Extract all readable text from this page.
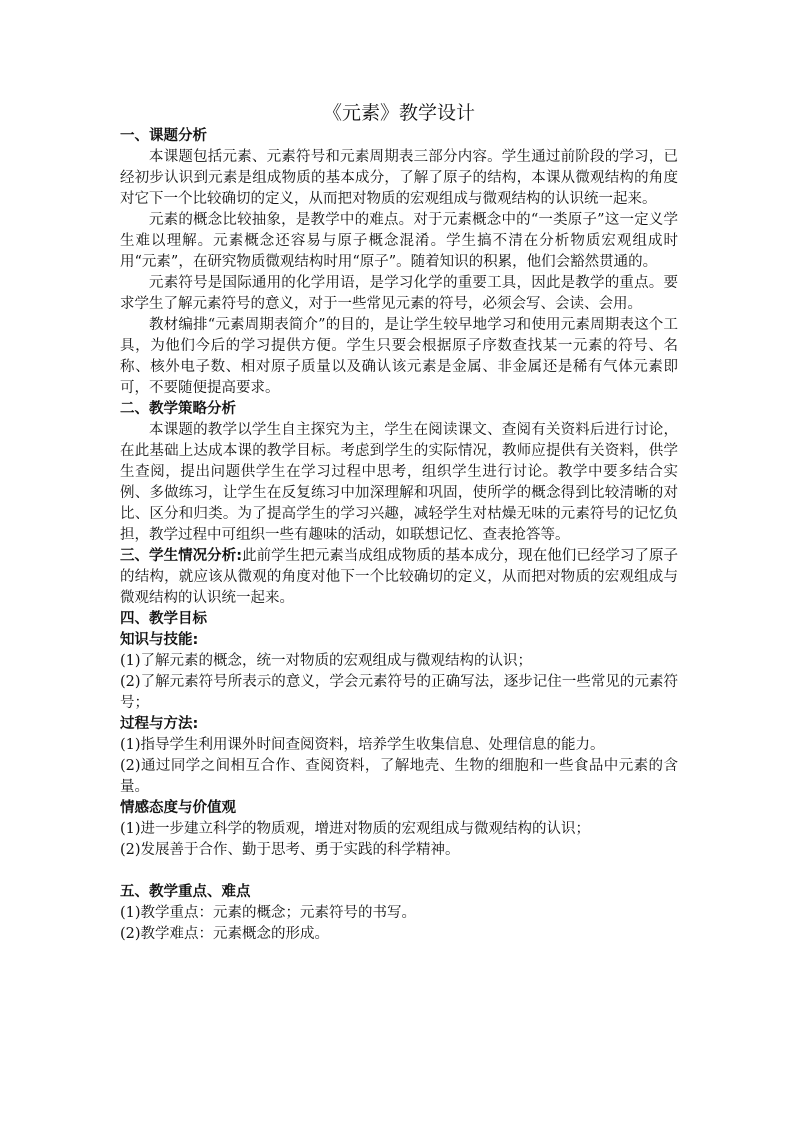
《元素》教学设计

一、课题分析

本课题包括元素、元素符号和元素周期表三部分内容。学生通过前阶段的学习，已经初步认识到元素是组成物质的基本成分，了解了原子的结构，本课从微观结构的角度对它下一个比较确切的定义，从而把对物质的宏观组成与微观结构的认识统一起来。

元素的概念比较抽象，是教学中的难点。对于元素概念中的“一类原子”这一定义学生难以理解。元素概念还容易与原子概念混淆。学生搞不清在分析物质宏观组成时用“元素”，在研究物质微观结构时用“原子”。随着知识的积累，他们会豁然贯通的。

元素符号是国际通用的化学用语，是学习化学的重要工具，因此是教学的重点。要求学生了解元素符号的意义，对于一些常见元素的符号，必须会写、会读、会用。

教材编排“元素周期表简介”的目的，是让学生较早地学习和使用元素周期表这个工具，为他们今后的学习提供方便。学生只要会根据原子序数查找某一元素的符号、名称、核外电子数、相对原子质量以及确认该元素是金属、非金属还是稀有气体元素即可，不要随便提高要求。

二、教学策略分析

本课题的教学以学生自主探究为主，学生在阅读课文、查阅有关资料后进行讨论，在此基础上达成本课的教学目标。考虑到学生的实际情况，教师应提供有关资料，供学生查阅，提出问题供学生在学习过程中思考，组织学生进行讨论。教学中要多结合实例、多做练习，让学生在反复练习中加深理解和巩固，使所学的概念得到比较清晰的对比、区分和归类。为了提高学生的学习兴趣，减轻学生对枯燥无味的元素符号的记忆负担，教学过程中可组织一些有趣味的活动，如联想记忆、查表抢答等。

三、学生情况分析:此前学生把元素当成组成物质的基本成分，现在他们已经学习了原子的结构，就应该从微观的角度对他下一个比较确切的定义，从而把对物质的宏观组成与微观结构的认识统一起来。

四、教学目标

知识与技能:

(1)了解元素的概念，统一对物质的宏观组成与微观结构的认识；

(2)了解元素符号所表示的意义，学会元素符号的正确写法，逐步记住一些常见的元素符号；

过程与方法:

(1)指导学生利用课外时间查阅资料，培养学生收集信息、处理信息的能力。

(2)通过同学之间相互合作、查阅资料，了解地壳、生物的细胞和一些食品中元素的含量。

情感态度与价值观

(1)进一步建立科学的物质观，增进对物质的宏观组成与微观结构的认识；

(2)发展善于合作、勤于思考、勇于实践的科学精神。

五、教学重点、难点

(1)教学重点：元素的概念；元素符号的书写。

(2)教学难点：元素概念的形成。
